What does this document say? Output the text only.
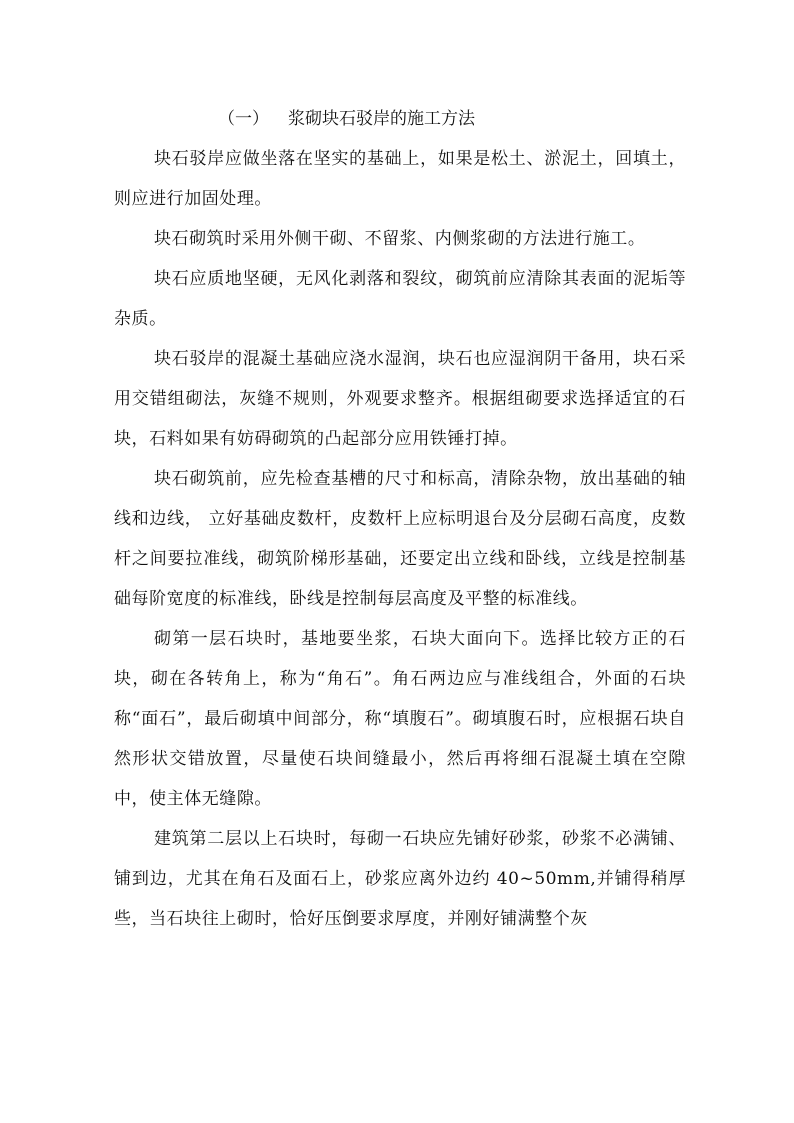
（一） 浆砌块石驳岸的施工方法

块石驳岸应做坐落在坚实的基础上，如果是松土、淤泥土，回填土，则应进行加固处理。

块石砌筑时采用外侧干砌、不留浆、内侧浆砌的方法进行施工。

块石应质地坚硬，无风化剥落和裂纹，砌筑前应清除其表面的泥垢等杂质。

块石驳岸的混凝土基础应浇水湿润，块石也应湿润阴干备用，块石采用交错组砌法，灰缝不规则，外观要求整齐。根据组砌要求选择适宜的石块，石料如果有妨碍砌筑的凸起部分应用铁锤打掉。

块石砌筑前，应先检查基槽的尺寸和标高，清除杂物，放出基础的轴线和边线， 立好基础皮数杆，皮数杆上应标明退台及分层砌石高度，皮数杆之间要拉准线，砌筑阶梯形基础，还要定出立线和卧线，立线是控制基础每阶宽度的标准线，卧线是控制每层高度及平整的标准线。

砌第一层石块时，基地要坐浆，石块大面向下。选择比较方正的石块，砌在各转角上，称为“角石”。角石两边应与准线组合，外面的石块称“面石”，最后砌填中间部分，称“填腹石”。砌填腹石时，应根据石块自然形状交错放置，尽量使石块间缝最小，然后再将细石混凝土填在空隙中，使主体无缝隙。

建筑第二层以上石块时，每砌一石块应先铺好砂浆，砂浆不必满铺、铺到边，尤其在角石及面石上，砂浆应离外边约 40~50mm,并铺得稍厚些，当石块往上砌时，恰好压倒要求厚度，并刚好铺满整个灰
